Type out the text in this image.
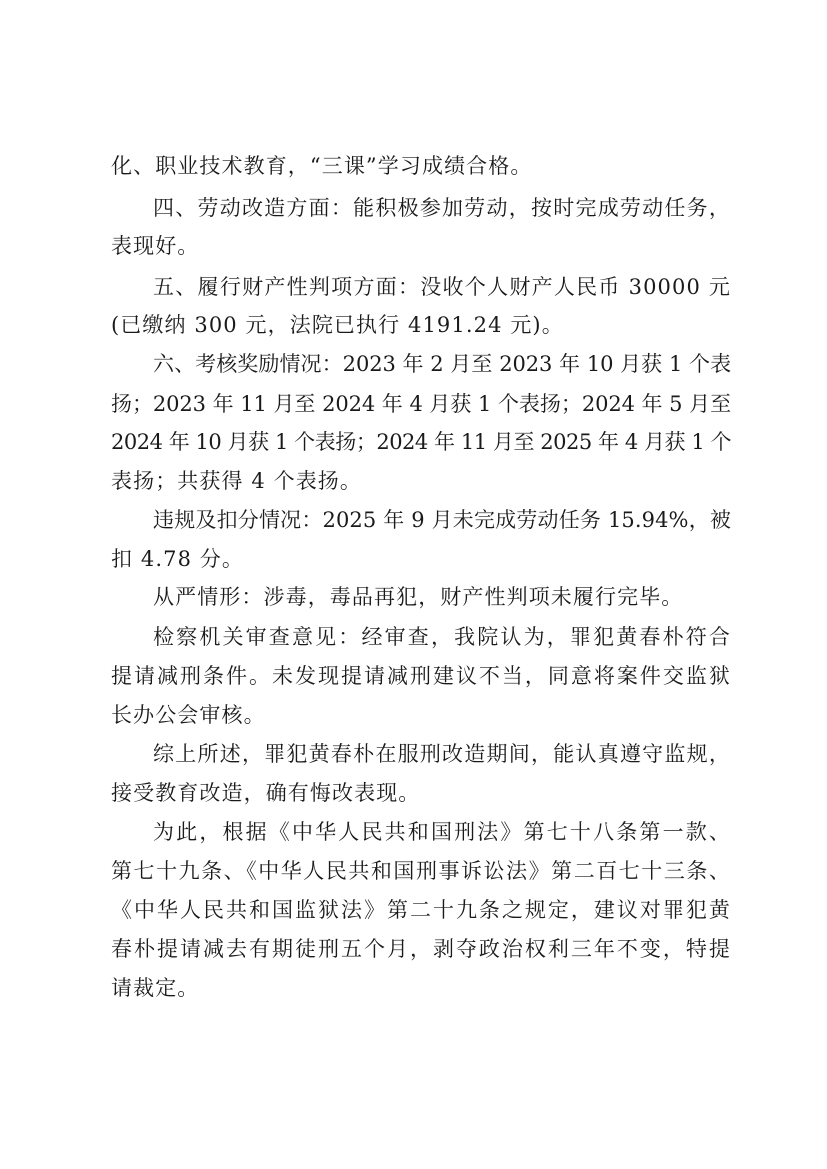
化、职业技术教育，“三课”学习成绩合格。

四、劳动改造方面：能积极参加劳动，按时完成劳动任务，

表现好。

五、履行财产性判项方面：没收个人财产人民币 30000 元

(已缴纳 300 元，法院已执行 4191.24 元)。

六、考核奖励情况：2023 年 2 月至 2023 年 10 月获 1 个表

扬；2023 年 11 月至 2024 年 4 月获 1 个表扬；2024 年 5 月至

2024 年 10 月获 1 个表扬；2024 年 11 月至 2025 年 4 月获 1 个

表扬；共获得 4 个表扬。

违规及扣分情况：2025 年 9 月未完成劳动任务 15.94%，被

扣 4.78 分。

从严情形：涉毒，毒品再犯，财产性判项未履行完毕。

检察机关审查意见：经审查，我院认为，罪犯黄春朴符合

提请减刑条件。未发现提请减刑建议不当，同意将案件交监狱

长办公会审核。

综上所述，罪犯黄春朴在服刑改造期间，能认真遵守监规，

接受教育改造，确有悔改表现。

为此，根据《中华人民共和国刑法》第七十八条第一款、

第七十九条、《中华人民共和国刑事诉讼法》第二百七十三条、

《中华人民共和国监狱法》第二十九条之规定，建议对罪犯黄

春朴提请减去有期徒刑五个月，剥夺政治权利三年不变，特提

请裁定。
